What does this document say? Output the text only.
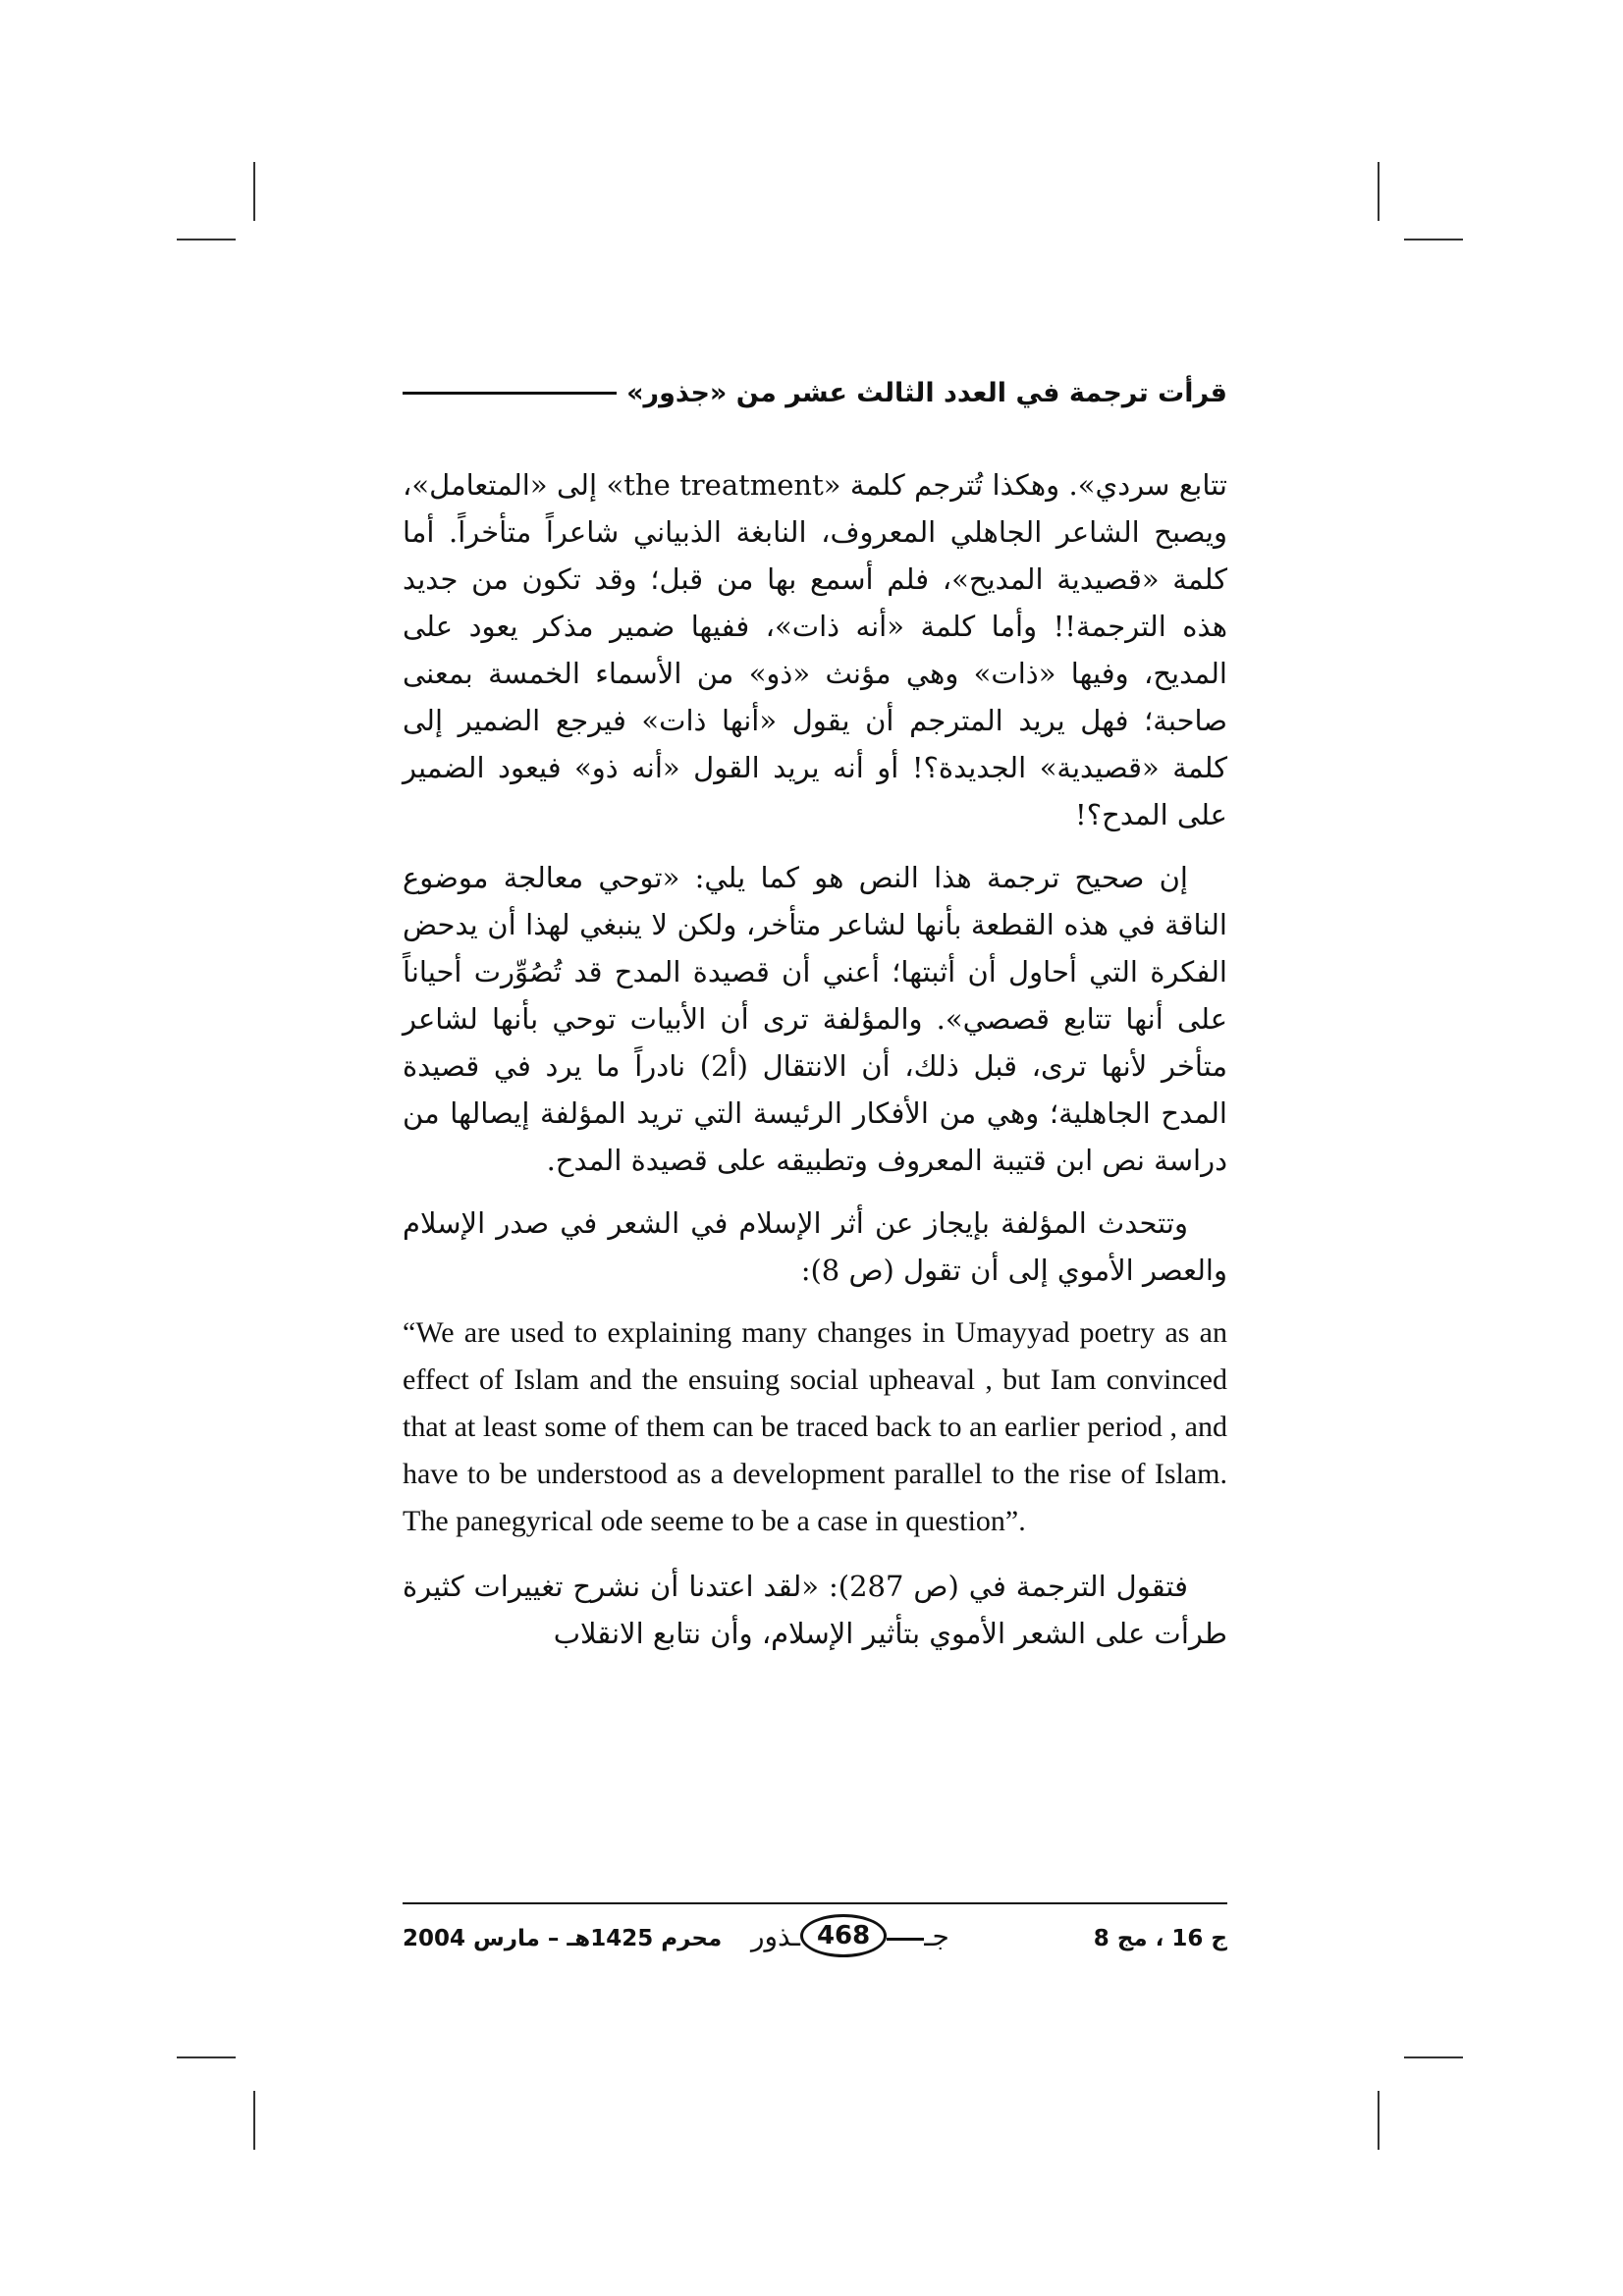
قرأت ترجمة في العدد الثالث عشر من «جذور»

تتابع سردي». وهكذا تُترجم كلمة «the treatment» إلى «المتعامل»، ويصبح الشاعر الجاهلي المعروف، النابغة الذبياني شاعراً متأخراً. أما كلمة «قصيدية المديح»، فلم أسمع بها من قبل؛ وقد تكون من جديد هذه الترجمة!! وأما كلمة «أنه ذات»، ففيها ضمير مذكر يعود على المديح، وفيها «ذات» وهي مؤنث «ذو» من الأسماء الخمسة بمعنى صاحبة؛ فهل يريد المترجم أن يقول «أنها ذات» فيرجع الضمير إلى كلمة «قصيدية» الجديدة؟! أو أنه يريد القول «أنه ذو» فيعود الضمير على المدح؟!

إن صحيح ترجمة هذا النص هو كما يلي: «توحي معالجة موضوع الناقة في هذه القطعة بأنها لشاعر متأخر، ولكن لا ينبغي لهذا أن يدحض الفكرة التي أحاول أن أثبتها؛ أعني أن قصيدة المدح قد تُصُوِّرت أحياناً على أنها تتابع قصصي». والمؤلفة ترى أن الأبيات توحي بأنها لشاعر متأخر لأنها ترى، قبل ذلك، أن الانتقال (أ2) نادراً ما يرد في قصيدة المدح الجاهلية؛ وهي من الأفكار الرئيسة التي تريد المؤلفة إيصالها من دراسة نص ابن قتيبة المعروف وتطبيقه على قصيدة المدح.

وتتحدث المؤلفة بإيجاز عن أثر الإسلام في الشعر في صدر الإسلام والعصر الأموي إلى أن تقول (ص 8):

“We are used to explaining many changes in Umayyad poetry as an effect of Islam and the ensuing social upheaval , but Iam convinced that at least some of them can be traced back to an earlier period , and have to be understood as a development parallel to the rise of Islam. The panegyrical ode seeme to be a case in question”.

فتقول الترجمة في (ص 287): «لقد اعتدنا أن نشرح تغييرات كثيرة طرأت على الشعر الأموي بتأثير الإسلام، وأن نتابع الانقلاب

ج 16 ، مج 8
ـذور 468	جـ
محرم 1425هـ – مارس 2004
